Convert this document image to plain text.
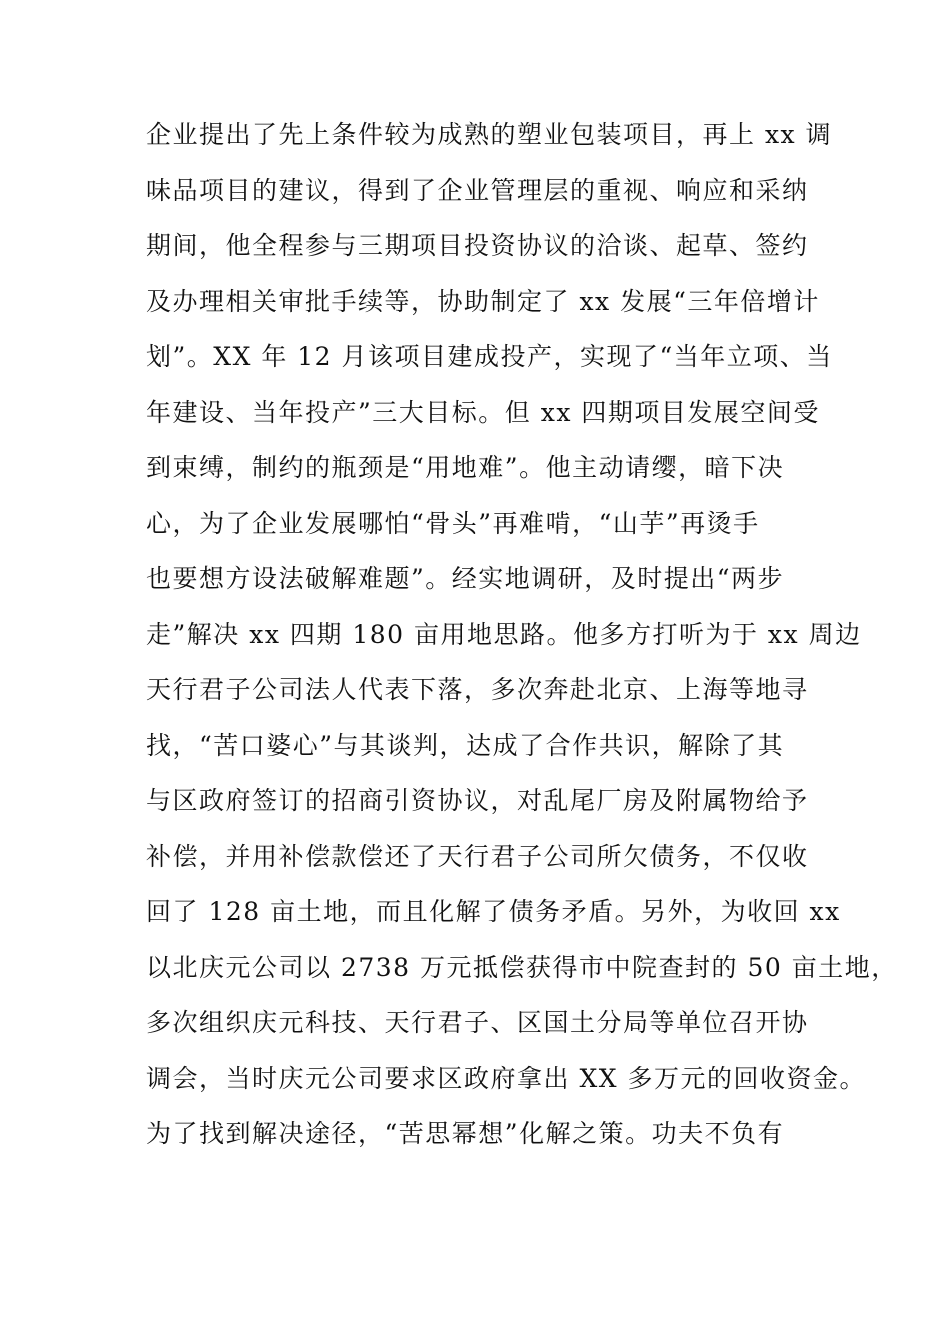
企业提出了先上条件较为成熟的塑业包装项目，再上 xx 调
味品项目的建议，得到了企业管理层的重视、响应和采纳
期间，他全程参与三期项目投资协议的洽谈、起草、签约
及办理相关审批手续等，协助制定了 xx 发展“三年倍增计
划”。XX 年 12 月该项目建成投产，实现了“当年立项、当
年建设、当年投产”三大目标。但 xx 四期项目发展空间受
到束缚，制约的瓶颈是“用地难”。他主动请缨，暗下决
心，为了企业发展哪怕“骨头”再难啃，“山芋”再烫手
也要想方设法破解难题”。经实地调研，及时提出“两步
走”解决 xx 四期 180 亩用地思路。他多方打听为于 xx 周边
天行君子公司法人代表下落，多次奔赴北京、上海等地寻
找，“苦口婆心”与其谈判，达成了合作共识，解除了其
与区政府签订的招商引资协议，对乱尾厂房及附属物给予
补偿，并用补偿款偿还了天行君子公司所欠债务，不仅收
回了 128 亩土地，而且化解了债务矛盾。另外，为收回 xx
以北庆元公司以 2738 万元抵偿获得市中院查封的 50 亩土地，
多次组织庆元科技、天行君子、区国土分局等单位召开协
调会，当时庆元公司要求区政府拿出 XX 多万元的回收资金。
为了找到解决途径，“苦思幂想”化解之策。功夫不负有
